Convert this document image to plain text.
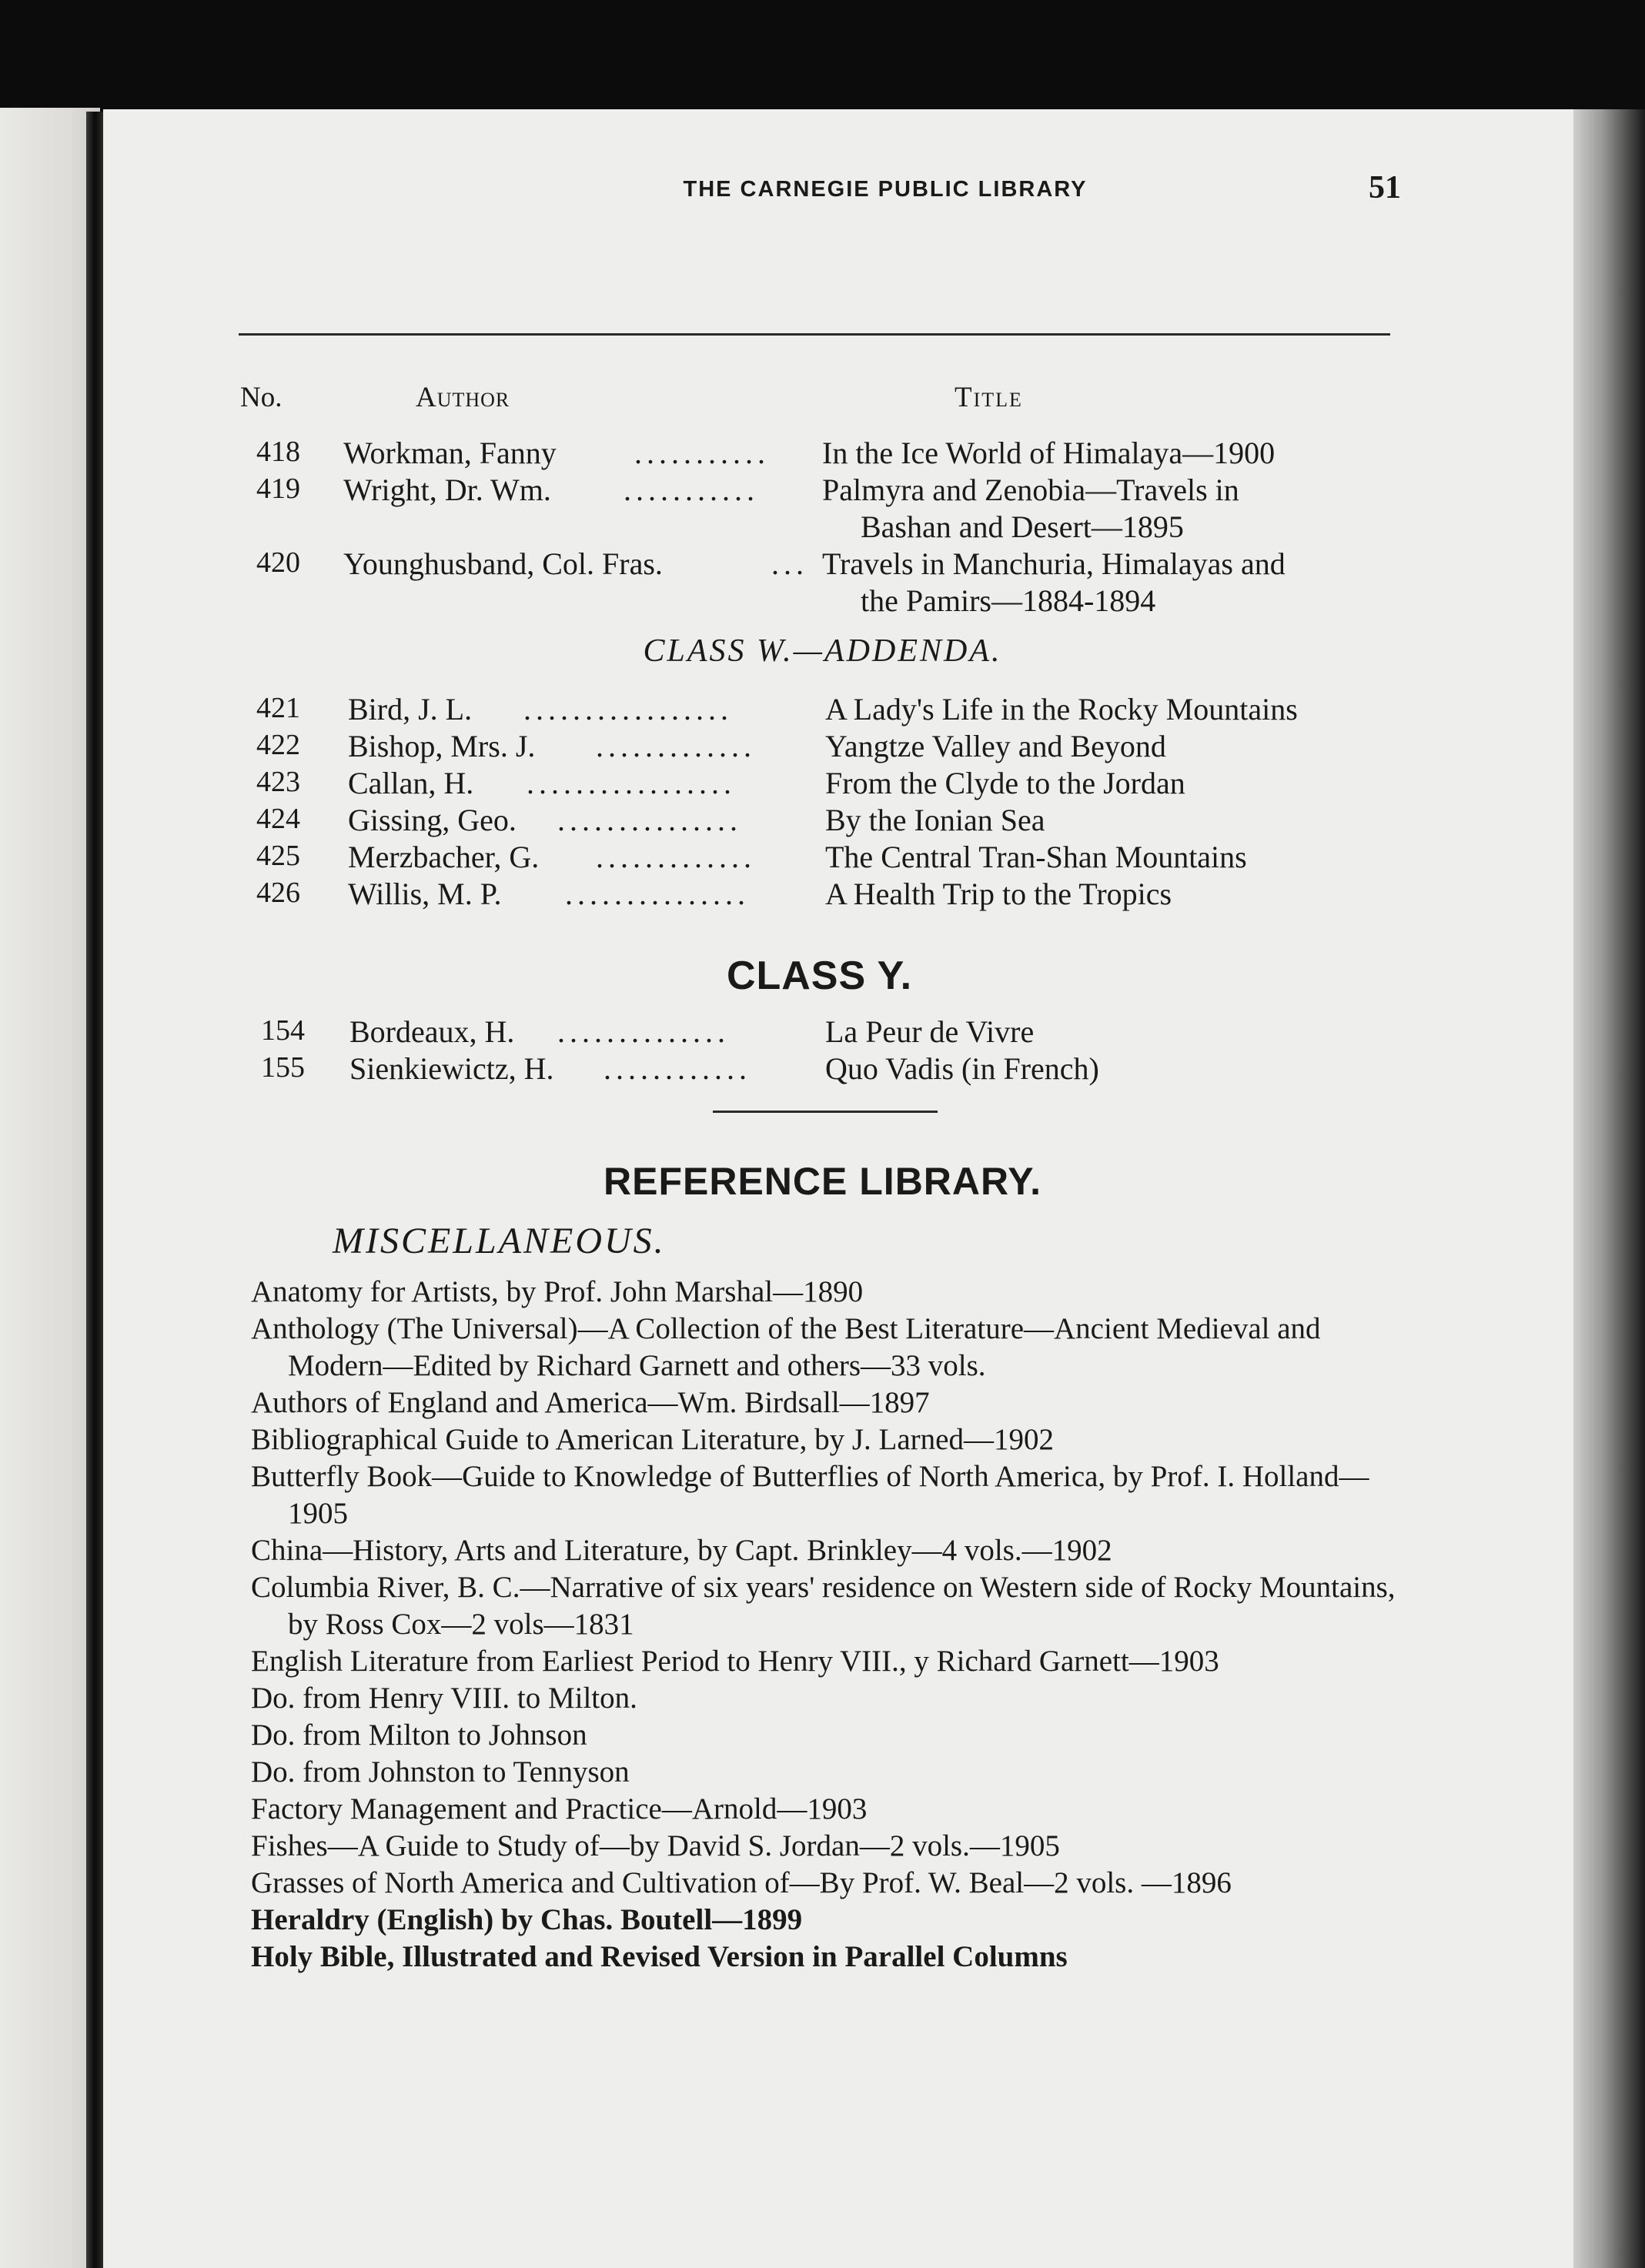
THE CARNEGIE PUBLIC LIBRARY	51
No.	Author	Title
418 Workman, Fanny	........... In the Ice World of Himalaya—1900
419 Wright, Dr. Wm. ........... Palmyra and Zenobia—Travels in
Bashan and Desert—1895
420 Younghusband, Col. Fras.	... Travels in Manchuria, Himalayas and
the Pamirs—1884-1894
CLASS W.—ADDENDA.
421 Bird, J. L. .................	A Lady's Life in the Rocky Mountains
422 Bishop, Mrs. J. ............. Yangtze Valley and Beyond
423 Callan, H. .................	From the Clyde to the Jordan
424 Gissing, Geo. ...............	By the Ionian Sea
425 Merzbacher, G. ............. The Central Tran-Shan Mountains
426 Willis, M. P. ............... A Health Trip to the Tropics
CLASS Y.
154 Bordeaux, H. ..............	La Peur de Vivre
155 Sienkiewictz, H. ............ Quo Vadis (in French)
REFERENCE LIBRARY.
MISCELLANEOUS.
Anatomy for Artists, by Prof. John Marshal—1890
Anthology (The Universal)—A Collection of the Best Literature—Ancient Medieval and Modern—Edited by Richard Garnett and others—33 vols.
Authors of England and America—Wm. Birdsall—1897
Bibliographical Guide to American Literature, by J. Larned—1902
Butterfly Book—Guide to Knowledge of Butterflies of North America, by Prof. I. Holland—1905
China—History, Arts and Literature, by Capt. Brinkley—4 vols.—1902
Columbia River, B. C.—Narrative of six years' residence on Western side of Rocky Mountains, by Ross Cox—2 vols—1831
English Literature from Earliest Period to Henry VIII., y Richard Garnett—1903
Do. from Henry VIII. to Milton.
Do. from Milton to Johnson
Do. from Johnston to Tennyson
Factory Management and Practice—Arnold—1903
Fishes—A Guide to Study of—by David S. Jordan—2 vols.—1905
Grasses of North America and Cultivation of—By Prof. W. Beal—2 vols. —1896
Heraldry (English) by Chas. Boutell—1899
Holy Bible, Illustrated and Revised Version in Parallel Columns
